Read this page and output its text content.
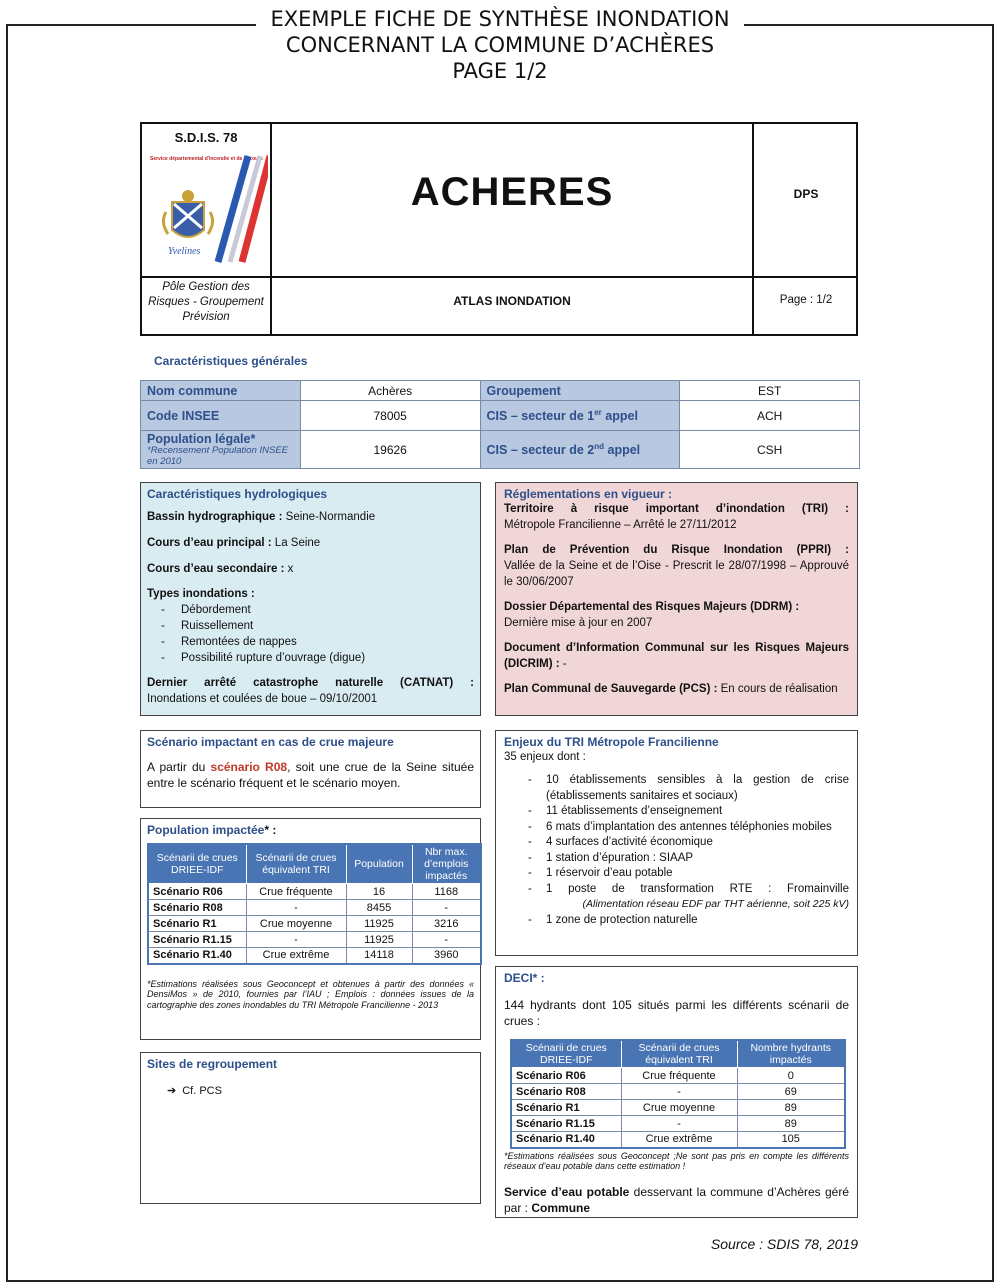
EXEMPLE FICHE DE SYNTHÈSE INONDATION
CONCERNANT LA COMMUNE D’ACHÈRES
PAGE 1/2
S.D.I.S. 78
Service départemental d'incendie et de secours
Yvelines
Pôle Gestion des Risques - Groupement Prévision
ACHERES
ATLAS INONDATION
DPS
Page : 1/2
Caractéristiques générales
Nom commune	Achères	Groupement	EST
Code INSEE	78005	CIS – secteur de 1er appel	ACH

Population légale*
*Recensement Population INSEE en 2010	19626	CIS – secteur de 2nd appel	CSH
Caractéristiques hydrologiques
Bassin hydrographique : Seine-Normandie
Cours d’eau principal : La Seine
Cours d’eau secondaire : x
Types inondations :
- Débordement
- Ruissellement
- Remontées de nappes
- Possibilité rupture d’ouvrage (digue)
Dernier arrêté catastrophe naturelle (CATNAT) :
Inondations et coulées de boue – 09/10/2001
Réglementations en vigueur :
Territoire à risque important d’inondation (TRI) :
Métropole Francilienne – Arrêté le 27/11/2012
Plan de Prévention du Risque Inondation (PPRI) :
Vallée de la Seine et de l’Oise - Prescrit le 28/07/1998 – Approuvé le 30/06/2007
Dossier Départemental des Risques Majeurs (DDRM) :
Dernière mise à jour en 2007
Document d’Information Communal sur les Risques Majeurs (DICRIM) : -
Plan Communal de Sauvegarde (PCS) : En cours de réalisation
Scénario impactant en cas de crue majeure
A partir du scénario R08, soit une crue de la Seine située entre le scénario fréquent et le scénario moyen.
Population impactée* :
Scénarii de crues DRIEE-IDF	Scénarii de crues équivalent TRI	Population	Nbr max. d’emplois impactés
Scénario R06	Crue fréquente	16	1168
Scénario R08	-	8455	-
Scénario R1	Crue moyenne	11925	3216
Scénario R1.15	-	11925	-
Scénario R1.40	Crue extrême	14118	3960
*Estimations réalisées sous Geoconcept et obtenues à partir des données « DensiMos » de 2010, fournies par l’IAU ; Emplois : données issues de la cartographie des zones inondables du TRI Métropole Francilienne - 2013
Sites de regroupement
➔ Cf. PCS
Enjeux du TRI Métropole Francilienne
35 enjeux dont :
- 10 établissements sensibles à la gestion de crise (établissements sanitaires et sociaux)
- 11 établissements d’enseignement
- 6 mats d’implantation des antennes téléphonies mobiles
- 4 surfaces d’activité économique
- 1 station d’épuration : SIAAP
- 1 réservoir d’eau potable
- 1 poste de transformation RTE : Fromainville
(Alimentation réseau EDF par THT aérienne, soit 225 kV)
- 1 zone de protection naturelle
DECI* :
144 hydrants dont 105 situés parmi les différents scénarii de crues :
Scénarii de crues DRIEE-IDF	Scénarii de crues équivalent TRI	Nombre hydrants impactés
Scénario R06	Crue fréquente	0
Scénario R08	-	69
Scénario R1	Crue moyenne	89
Scénario R1.15	-	89
Scénario R1.40	Crue extrême	105
*Estimations réalisées sous Geoconcept ;Ne sont pas pris en compte les différents réseaux d’eau potable dans cette estimation !
Service d’eau potable desservant la commune d’Achères géré par : Commune
Source : SDIS 78, 2019
